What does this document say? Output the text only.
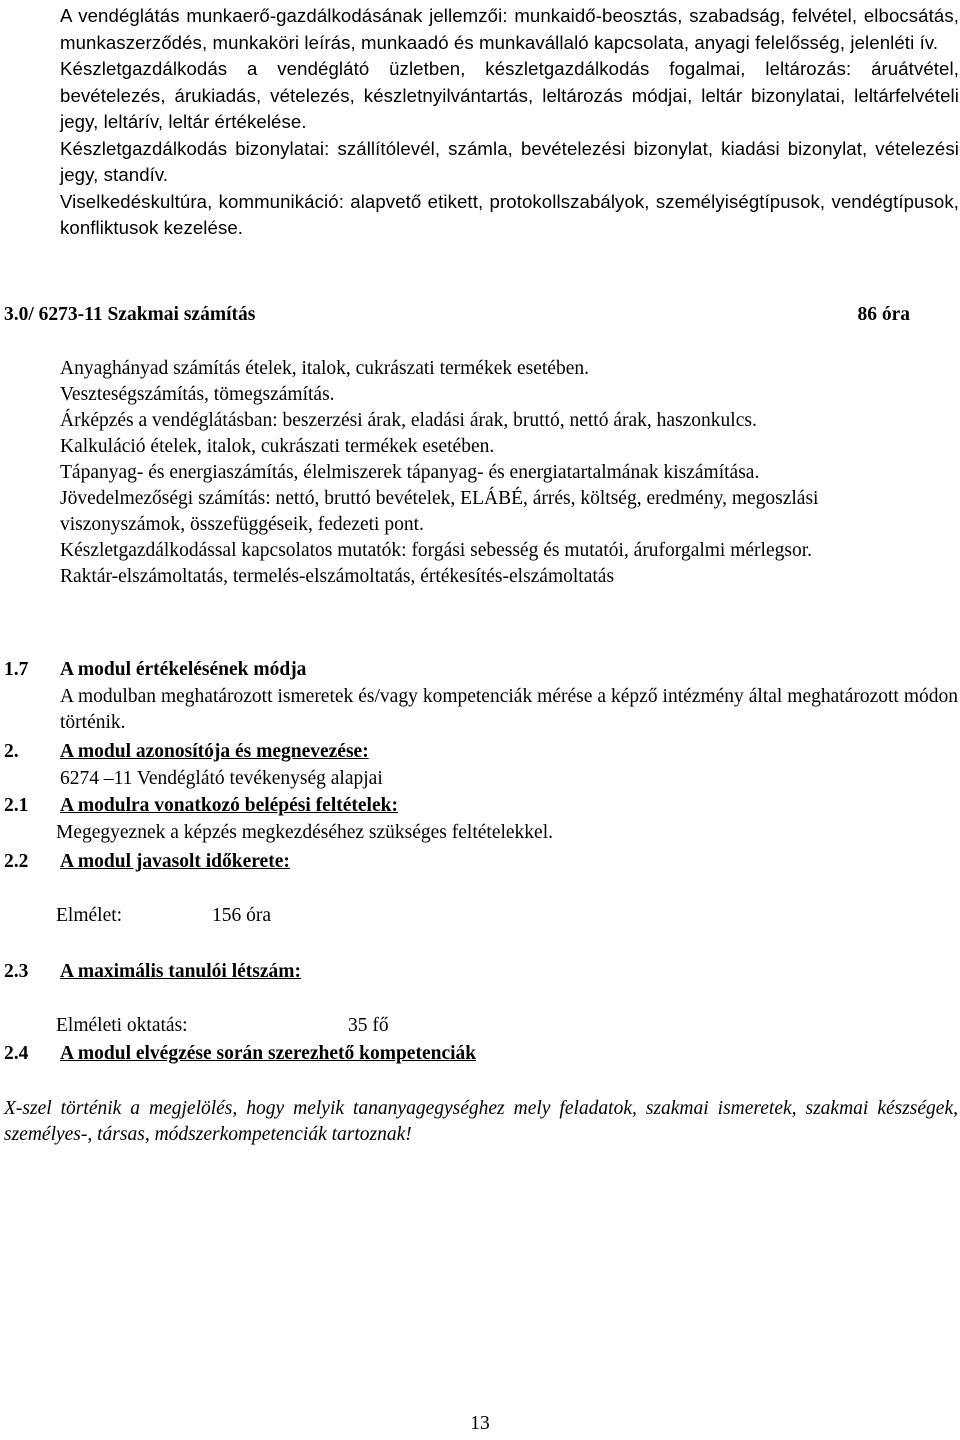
A vendéglátás munkaerő-gazdálkodásának jellemzői: munkaidő-beosztás, szabadság, felvétel, elbocsátás, munkaszerződés, munkaköri leírás, munkaadó és munkavállaló kapcsolata, anyagi felelősség, jelenléti ív.

Készletgazdálkodás a vendéglátó üzletben, készletgazdálkodás fogalmai, leltározás: áruátvétel, bevételezés, árukiadás, vételezés, készletnyilvántartás, leltározás módjai, leltár bizonylatai, leltárfelvételi jegy, leltárív, leltár értékelése.

Készletgazdálkodás bizonylatai: szállítólevél, számla, bevételezési bizonylat, kiadási bizonylat, vételezési jegy, standív.

Viselkedéskultúra, kommunikáció: alapvető etikett, protokollszabályok, személyiségtípusok, vendégtípusok, konfliktusok kezelése.

3.0/ 6273-11 Szakmai számítás	86 óra

Anyaghányad számítás ételek, italok, cukrászati termékek esetében.

Veszteségszámítás, tömegszámítás.

Árképzés a vendéglátásban: beszerzési árak, eladási árak, bruttó, nettó árak, haszonkulcs.

Kalkuláció ételek, italok, cukrászati termékek esetében.

Tápanyag- és energiaszámítás, élelmiszerek tápanyag- és energiatartalmának kiszámítása.

Jövedelmezőségi számítás: nettó, bruttó bevételek, ELÁBÉ, árrés, költség, eredmény, megoszlási viszonyszámok, összefüggéseik, fedezeti pont.

Készletgazdálkodással kapcsolatos mutatók: forgási sebesség és mutatói, áruforgalmi mérlegsor.

Raktár-elszámoltatás, termelés-elszámoltatás, értékesítés-elszámoltatás

1.7 A modul értékelésének módja
A modulban meghatározott ismeretek és/vagy kompetenciák mérése a képző intézmény által meghatározott módon történik.
2. A modul azonosítója és megnevezése:
6274 –11 Vendéglátó tevékenység alapjai
2.1 A modulra vonatkozó belépési feltételek:
Megegyeznek a képzés megkezdéséhez szükséges feltételekkel.
2.2 A modul javasolt időkerete:
Elmélet:	156 óra
2.3 A maximális tanulói létszám:
Elméleti oktatás:	35 fő
2.4 A modul elvégzése során szerezhető kompetenciák
X-szel történik a megjelölés, hogy melyik tananyagegységhez mely feladatok, szakmai ismeretek, szakmai készségek, személyes-, társas, módszerkompetenciák tartoznak!
13
